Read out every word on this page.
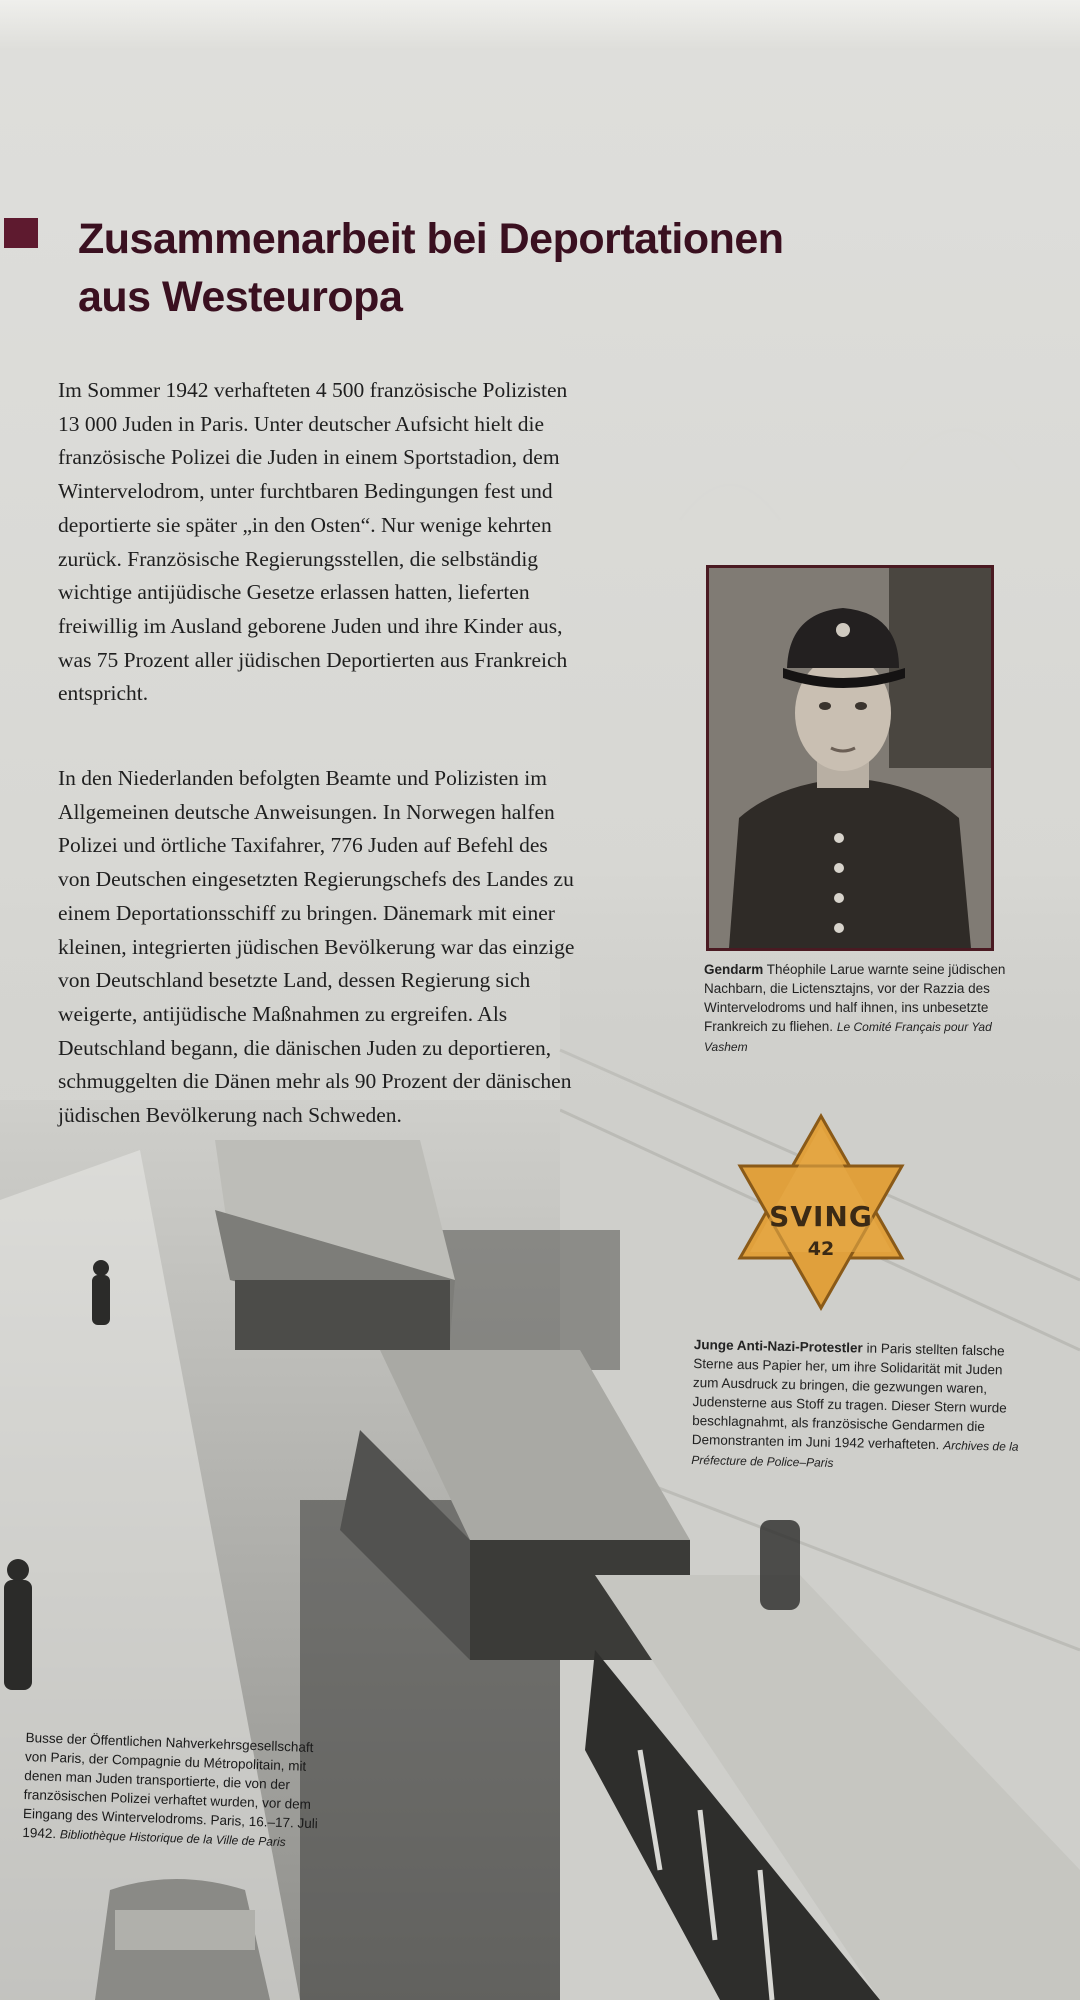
Zusammenarbeit bei Deportationen aus Westeuropa

Im Sommer 1942 verhafteten 4 500 französische Polizisten 13 000 Juden in Paris. Unter deutscher Aufsicht hielt die französische Polizei die Juden in einem Sportstadion, dem Wintervelodrom, unter furchtbaren Bedingungen fest und deportierte sie später „in den Osten“. Nur wenige kehrten zurück. Französische Regierungsstellen, die selbständig wichtige antijüdische Gesetze erlassen hatten, lieferten freiwillig im Ausland geborene Juden und ihre Kinder aus, was 75 Prozent aller jüdischen Deportierten aus Frankreich entspricht.

In den Niederlanden befolgten Beamte und Polizisten im Allgemeinen deutsche Anweisungen. In Norwegen halfen Polizei und örtliche Taxifahrer, 776 Juden auf Befehl des von Deutschen eingesetzten Regierungschefs des Landes zu einem Deportationsschiff zu bringen. Dänemark mit einer kleinen, integrierten jüdischen Bevölkerung war das einzige von Deutschland besetzte Land, dessen Regierung sich weigerte, antijüdische Maßnahmen zu ergreifen. Als Deutschland begann, die dänischen Juden zu deportieren, schmuggelten die Dänen mehr als 90 Prozent der dänischen jüdischen Bevölkerung nach Schweden.

Gendarm Théophile Larue warnte seine jüdischen Nachbarn, die Lictensztajns, vor der Razzia des Wintervelodroms und half ihnen, ins unbesetzte Frankreich zu fliehen. Le Comité Français pour Yad Vashem

SVING
42

Junge Anti-Nazi-Protestler in Paris stellten falsche Sterne aus Papier her, um ihre Solidarität mit Juden zum Ausdruck zu bringen, die gezwungen waren, Judensterne aus Stoff zu tragen. Dieser Stern wurde beschlagnahmt, als französische Gendarmen die Demonstranten im Juni 1942 verhafteten. Archives de la Préfecture de Police–Paris

Busse der Öffentlichen Nahverkehrsgesellschaft von Paris, der Compagnie du Métropolitain, mit denen man Juden transportierte, die von der französischen Polizei verhaftet wurden, vor dem Eingang des Wintervelodroms. Paris, 16.–17. Juli 1942. Bibliothèque Historique de la Ville de Paris
